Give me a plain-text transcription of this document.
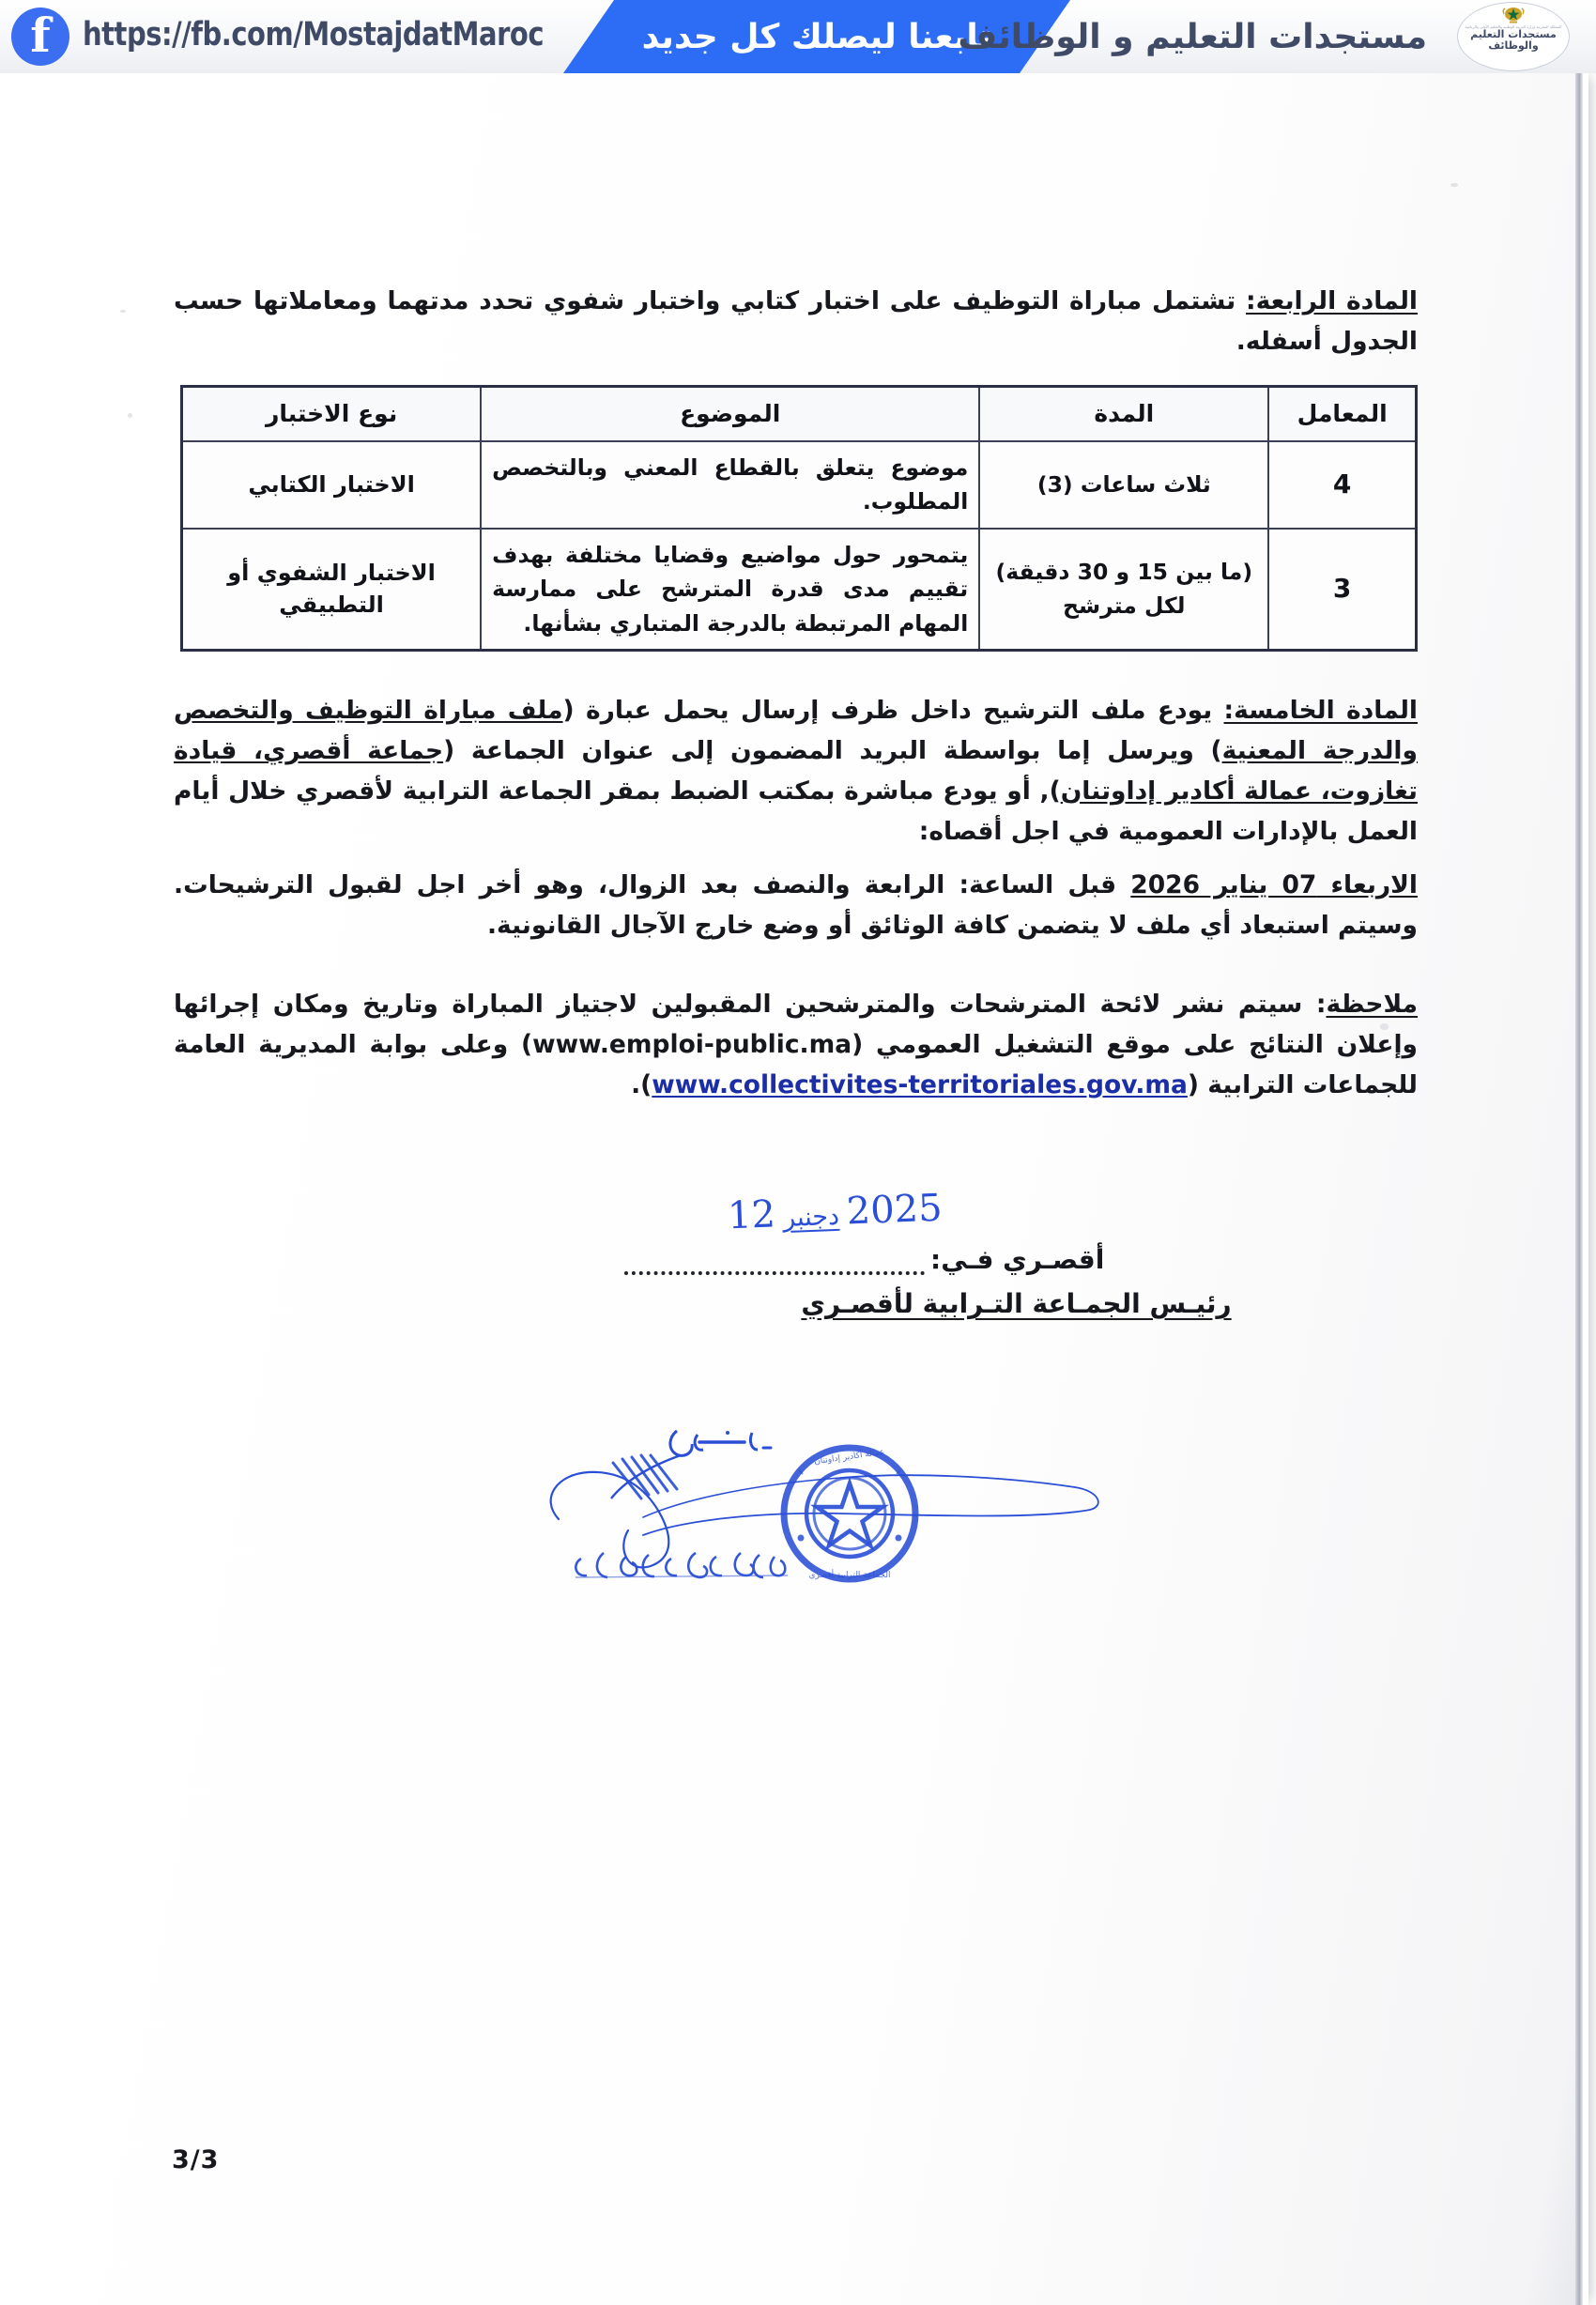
f
https://fb.com/MostajdatMaroc	تابعنا ليصلك كل جديد
مستجدات التعليم و الوظائف	المملكة المغربية وزارة التربية الوطنية والتعليم الأولي والرياضة
مستجدات التعليم
والوظائف

المادة الرابعة: تشتمل مباراة التوظيف على اختبار كتابي واختبار شفوي تحدد مدتهما ومعاملاتها حسب الجدول أسفله.

المعامل	المدة	الموضوع	نوع الاختبار
4	ثلاث ساعات (3)	موضوع يتعلق بالقطاع المعني وبالتخصص المطلوب.	الاختبار الكتابي
3	(ما بين 15 و 30 دقيقة) لكل مترشح	يتمحور حول مواضيع وقضايا مختلفة بهدف تقييم مدى قدرة المترشح على ممارسة المهام المرتبطة بالدرجة المتباري بشأنها.	الاختبار الشفوي أو التطبيقي

المادة الخامسة: يودع ملف الترشيح داخل ظرف إرسال يحمل عبارة (ملف مباراة التوظيف والتخصص والدرجة المعنية) ويرسل إما بواسطة البريد المضمون إلى عنوان الجماعة (جماعة أقصري، قيادة تغازوت، عمالة أكادير إداوتنان), أو يودع مباشرة بمكتب الضبط بمقر الجماعة الترابية لأقصري خلال أيام العمل بالإدارات العمومية في اجل أقصاه:

الاربعاء 07 يناير 2026 قبل الساعة: الرابعة والنصف بعد الزوال، وهو أخر اجل لقبول الترشيحات. وسيتم استبعاد أي ملف لا يتضمن كافة الوثائق أو وضع خارج الآجال القانونية.

ملاحظة: سيتم نشر لائحة المترشحات والمترشحين المقبولين لاجتياز المباراة وتاريخ ومكان إجرائها وإعلان النتائج على موقع التشغيل العمومي (www.emploi-public.ma) وعلى بوابة المديرية العامة للجماعات الترابية (www.collectivites-territoriales.gov.ma).

أقصـري فـي:
2025دجنبر12
رئيـس الجمـاعة التـرابية لأقصـري
عمالة أكادير إداوتنان
الجماعة الترابية أقصري
3/3
